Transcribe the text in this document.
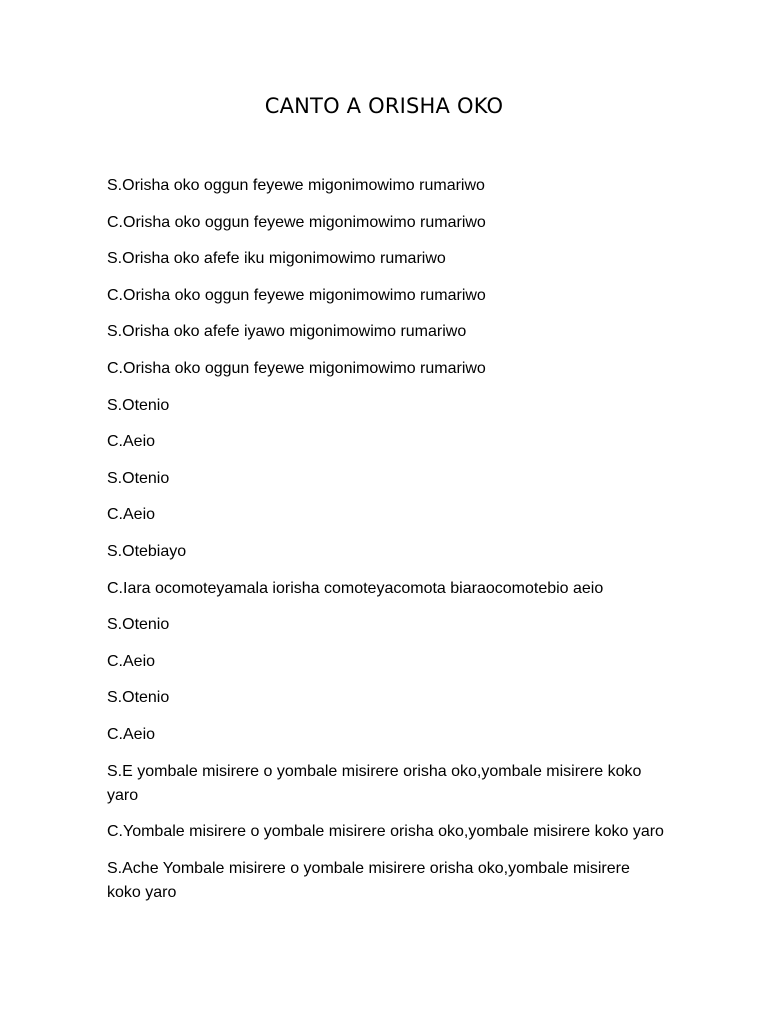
CANTO A ORISHA OKO
S.Orisha oko oggun feyewe migonimowimo rumariwo
C.Orisha oko oggun feyewe migonimowimo rumariwo
S.Orisha oko afefe iku migonimowimo rumariwo
C.Orisha oko oggun feyewe migonimowimo rumariwo
S.Orisha oko afefe iyawo migonimowimo rumariwo
C.Orisha oko oggun feyewe migonimowimo rumariwo
S.Otenio
C.Aeio
S.Otenio
C.Aeio
S.Otebiayo
C.Iara ocomoteyamala iorisha comoteyacomota biaraocomotebio aeio
S.Otenio
C.Aeio
S.Otenio
C.Aeio
S.E yombale misirere o yombale misirere orisha oko,yombale misirere koko yaro
C.Yombale misirere o yombale misirere orisha oko,yombale misirere koko yaro
S.Ache Yombale misirere o yombale misirere orisha oko,yombale misirere koko yaro
